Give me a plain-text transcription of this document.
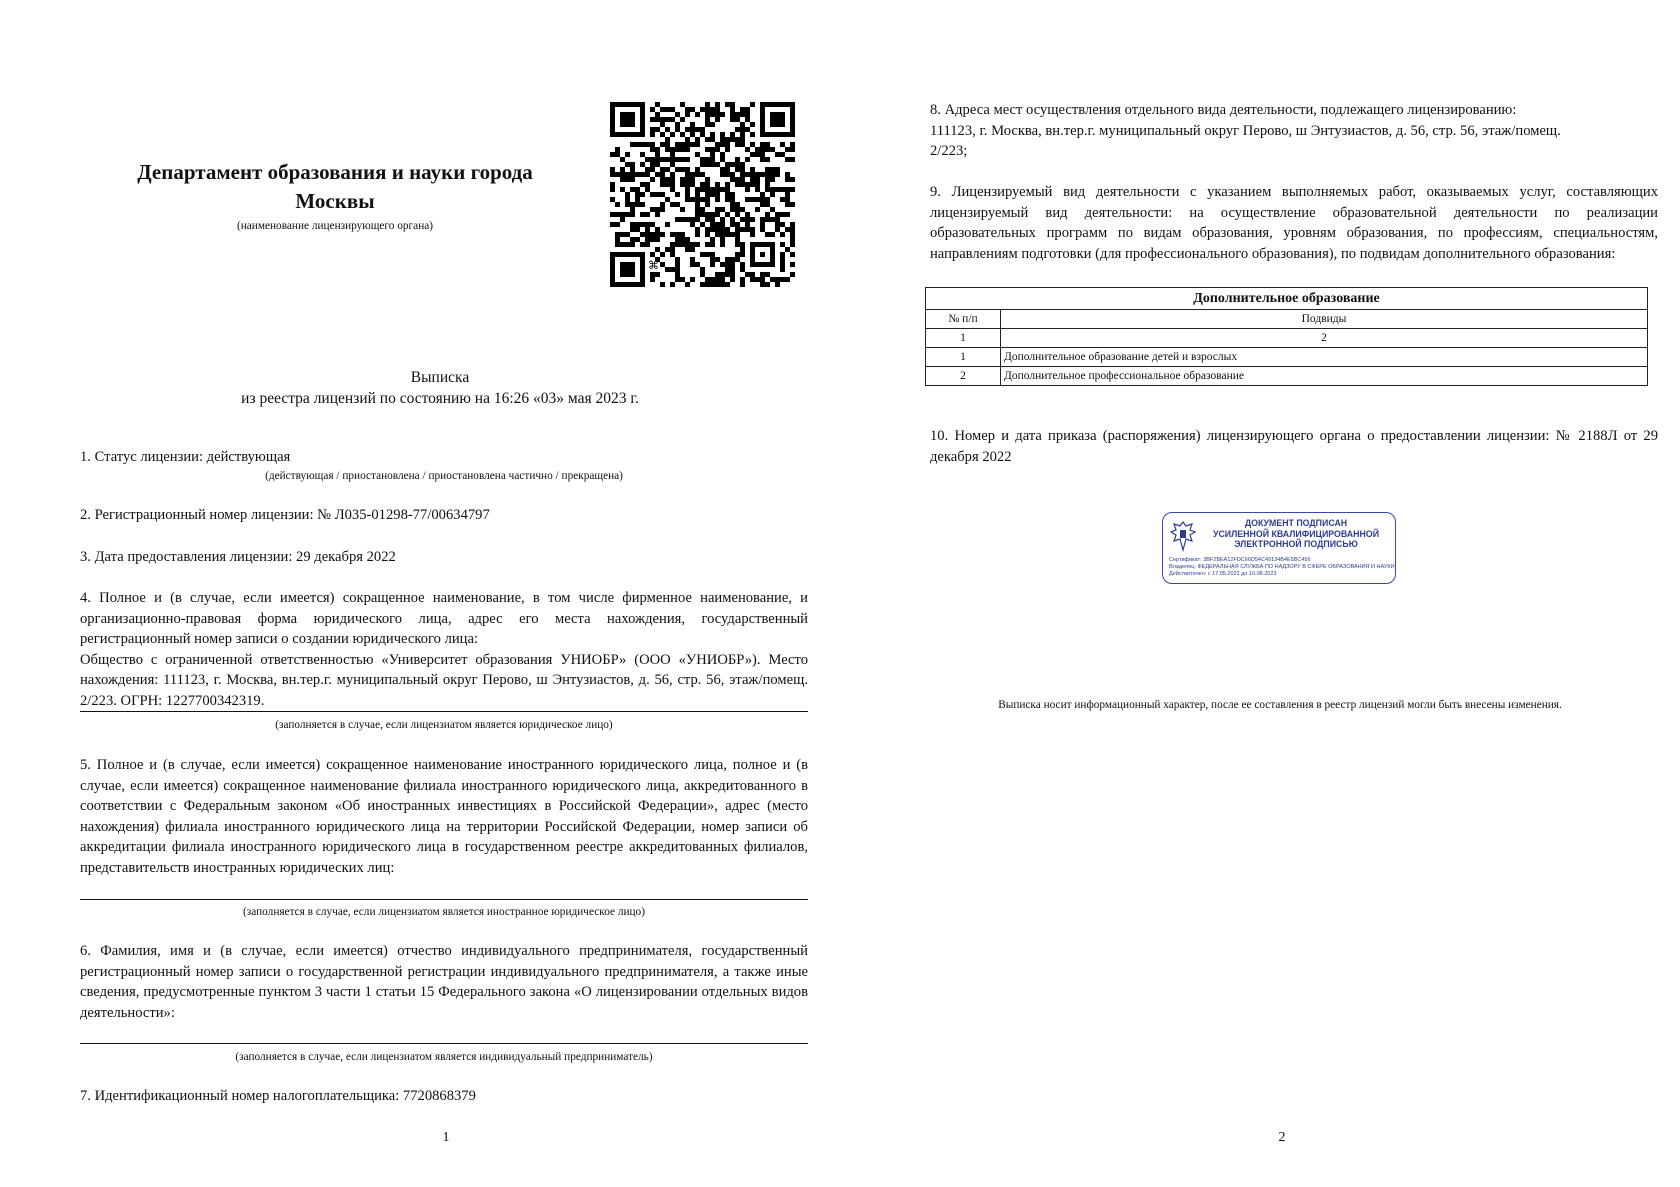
Департамент образования и науки города
Москвы
(наименование лицензирующего органа)
⌘
Выписка
из реестра лицензий по состоянию на 16:26 «03» мая 2023 г.
1. Статус лицензии: действующая
(действующая / приостановлена / приостановлена частично / прекращена)
2. Регистрационный номер лицензии: № Л035-01298-77/00634797
3. Дата предоставления лицензии: 29 декабря 2022
4. Полное и (в случае, если имеется) сокращенное наименование, в том числе фирменное наименование, и организационно-правовая форма юридического лица, адрес его места нахождения, государственный регистрационный номер записи о создании юридического лица:
Общество с ограниченной ответственностью «Университет образования УНИОБР» (ООО «УНИОБР»). Место нахождения: 111123, г. Москва, вн.тер.г. муниципальный округ Перово, ш Энтузиастов, д. 56, стр. 56, этаж/помещ. 2/223. ОГРН: 1227700342319.
(заполняется в случае, если лицензиатом является юридическое лицо)
5. Полное и (в случае, если имеется) сокращенное наименование иностранного юридического лица, полное и (в случае, если имеется) сокращенное наименование филиала иностранного юридического лица, аккредитованного в соответствии с Федеральным законом «Об иностранных инвестициях в Российской Федерации», адрес (место нахождения) филиала иностранного юридического лица на территории Российской Федерации, номер записи об аккредитации филиала иностранного юридического лица в государственном реестре аккредитованных филиалов, представительств иностранных юридических лиц:
(заполняется в случае, если лицензиатом является иностранное юридическое лицо)
6. Фамилия, имя и (в случае, если имеется) отчество индивидуального предпринимателя, государственный регистрационный номер записи о государственной регистрации индивидуального предпринимателя, а также иные сведения, предусмотренные пунктом 3 части 1 статьи 15 Федерального закона «О лицензировании отдельных видов деятельности»:
(заполняется в случае, если лицензиатом является индивидуальный предприниматель)
7. Идентификационный номер налогоплательщика: 7720868379
1
8. Адреса мест осуществления отдельного вида деятельности, подлежащего лицензированию:
111123, г. Москва, вн.тер.г. муниципальный округ Перово, ш Энтузиастов, д. 56, стр. 56, этаж/помещ.
2/223;
9. Лицензируемый вид деятельности с указанием выполняемых работ, оказываемых услуг, составляющих лицензируемый вид деятельности: на осуществление образовательной деятельности по реализации образовательных программ по видам образования, уровням образования, по профессиям, специальностям, направлениям подготовки (для профессионального образования), по подвидам дополнительного образования:
Дополнительное образование	
№ п/п	Подвиды
1	2
1	Дополнительное образование детей и взрослых
2	Дополнительное профессиональное образование
10. Номер и дата приказа (распоряжения) лицензирующего органа о предоставлении лицензии: № 2188Л от 29 декабря 2022
ДОКУМЕНТ ПОДПИСАН
УСИЛЕННОЙ КВАЛИФИЦИРОВАННОЙ
ЭЛЕКТРОННОЙ ПОДПИСЬЮ
Сертификат: 3BF2BEA12FDC66D54C49134B4E5BC456
Владелец: ФЕДЕРАЛЬНАЯ СЛУЖБА ПО НАДЗОРУ В СФЕРЕ ОБРАЗОВАНИЯ И НАУКИ
Действителен: с 17.05.2022 до 10.08.2023
Выписка носит информационный характер, после ее составления в реестр лицензий могли быть внесены изменения.
2
